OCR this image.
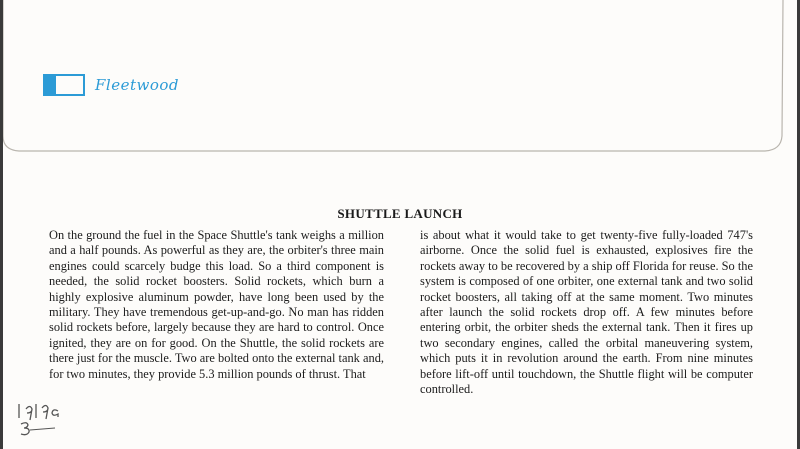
Fleetwood
SHUTTLE LAUNCH
On the ground the fuel in the Space Shuttle's tank weighs a million and a half pounds. As powerful as they are, the orbiter's three main engines could scarcely budge this load. So a third component is needed, the solid rocket boosters. Solid rockets, which burn a highly explosive aluminum powder, have long been used by the military. They have tremendous get-up-and-go. No man has ridden solid rockets before, largely because they are hard to control. Once ignited, they are on for good. On the Shuttle, the solid rockets are there just for the muscle. Two are bolted onto the external tank and, for two minutes, they provide 5.3 million pounds of thrust. That
is about what it would take to get twenty-five fully-loaded 747's airborne. Once the solid fuel is exhausted, explosives fire the rockets away to be recovered by a ship off Florida for reuse. So the system is composed of one orbiter, one external tank and two solid rocket boosters, all taking off at the same moment. Two minutes after launch the solid rockets drop off. A few minutes before entering orbit, the orbiter sheds the external tank. Then it fires up two secondary engines, called the orbital maneuvering system, which puts it in revolution around the earth. From nine minutes before lift-off until touchdown, the Shuttle flight will be computer controlled.
